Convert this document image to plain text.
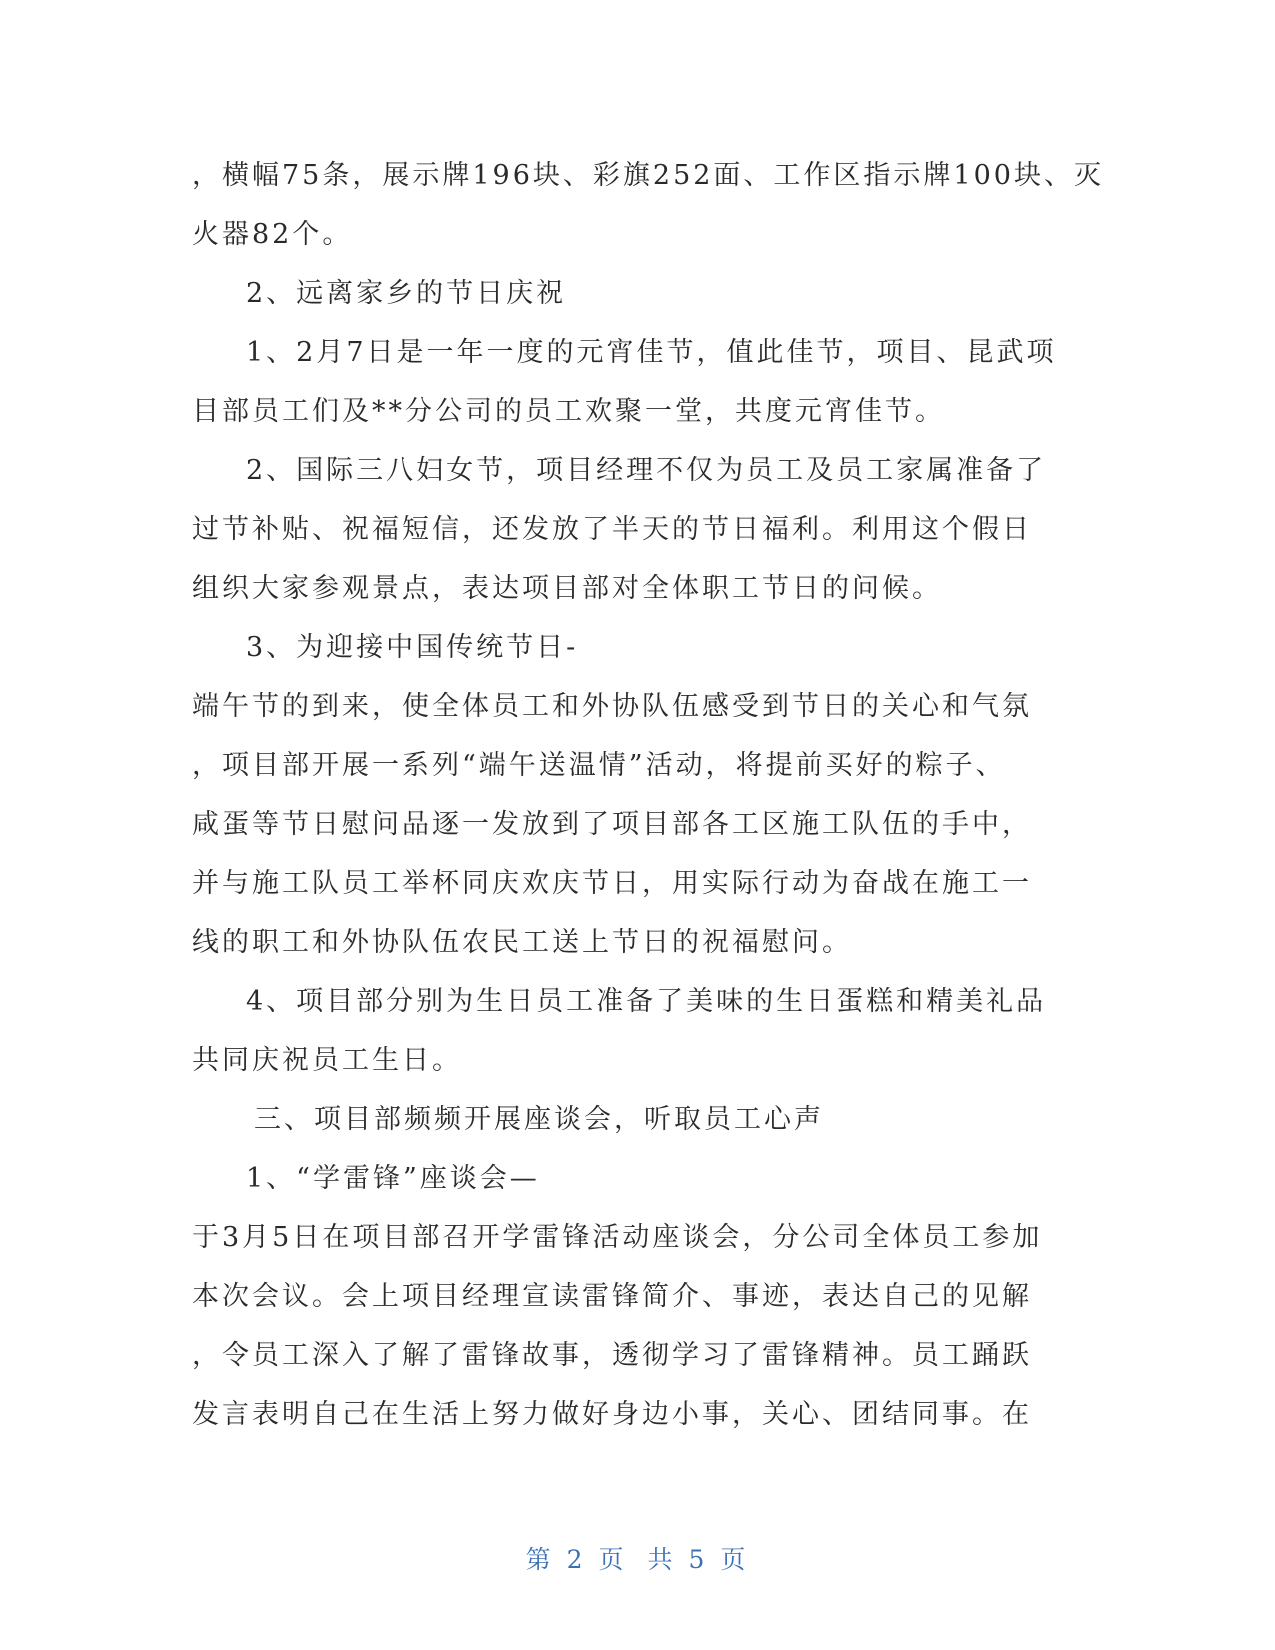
，横幅75条，展示牌196块、彩旗252面、工作区指示牌100块、灭
火器82个。
2、远离家乡的节日庆祝
1、2月7日是一年一度的元宵佳节，值此佳节，项目、昆武项
目部员工们及**分公司的员工欢聚一堂，共度元宵佳节。
2、国际三八妇女节，项目经理不仅为员工及员工家属准备了
过节补贴、祝福短信，还发放了半天的节日福利。利用这个假日
组织大家参观景点，表达项目部对全体职工节日的问候。
3、为迎接中国传统节日-
端午节的到来，使全体员工和外协队伍感受到节日的关心和气氛
，项目部开展一系列“端午送温情”活动，将提前买好的粽子、
咸蛋等节日慰问品逐一发放到了项目部各工区施工队伍的手中，
并与施工队员工举杯同庆欢庆节日，用实际行动为奋战在施工一
线的职工和外协队伍农民工送上节日的祝福慰问。
4、项目部分别为生日员工准备了美味的生日蛋糕和精美礼品
共同庆祝员工生日。
三、项目部频频开展座谈会，听取员工心声
1、“学雷锋”座谈会—
于3月5日在项目部召开学雷锋活动座谈会，分公司全体员工参加
本次会议。会上项目经理宣读雷锋简介、事迹，表达自己的见解
，令员工深入了解了雷锋故事，透彻学习了雷锋精神。员工踊跃
发言表明自己在生活上努力做好身边小事，关心、团结同事。在
第 2 页 共 5 页
